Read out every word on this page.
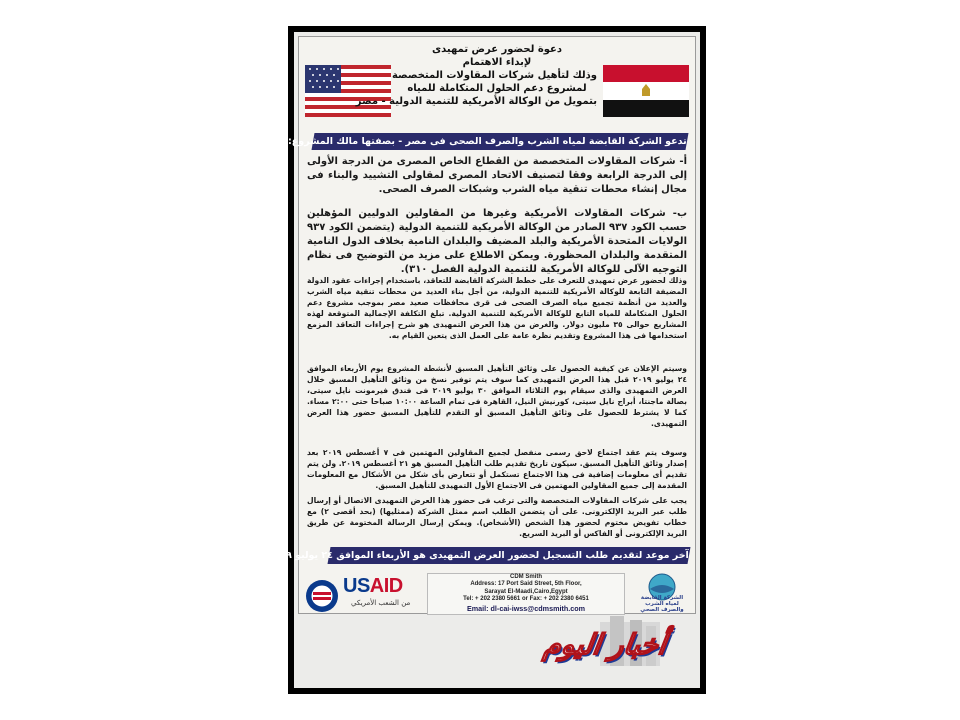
دعوة لحضور عرض تمهيدى
لإبداء الاهتمام
وذلك لتأهيل شركات المقاولات المتخصصة
لمشروع دعم الحلول المتكاملة للمياه
بتمويل من الوكالة الأمريكية للتنمية الدولية - مصر
تدعو الشركة القابضة لمياه الشرب والصرف الصحى فى مصر - بصفتها مالك المشروع:

أ- شركات المقاولات المتخصصة من القطاع الخاص المصرى من الدرجة الأولى إلى الدرجة الرابعة وفقا لتصنيف الاتحاد المصرى لمقاولى التشييد والبناء فى مجال إنشاء محطات تنقية مياه الشرب وشبكات الصرف الصحى.

ب- شركات المقاولات الأمريكية وغيرها من المقاولين الدوليين المؤهلين حسب الكود ٩٣٧ الصادر من الوكالة الأمريكية للتنمية الدولية (يتضمن الكود ٩٣٧ الولايات المتحدة الأمريكية والبلد المضيف والبلدان النامية بخلاف الدول النامية المتقدمة والبلدان المحظورة. ويمكن الاطلاع على مزيد من التوضيح فى نظام التوجيه الآلى للوكالة الأمريكية للتنمية الدولية الفصل ٣١٠).

وذلك لحضور عرض تمهيدى للتعرف على خطط الشركة القابضة للتعاقد، باستخدام إجراءات عقود الدولة المضيفة التابعة للوكالة الأمريكية للتنمية الدولية، من أجل بناء العديد من محطات تنقية مياه الشرب والعديد من أنظمة تجميع مياه الصرف الصحى فى قرى محافظات صعيد مصر بموجب مشروع دعم الحلول المتكاملة للمياه التابع للوكالة الأمريكية للتنمية الدولية. تبلغ التكلفة الإجمالية المتوقعة لهذه المشاريع حوالى ٣٥ مليون دولار. والغرض من هذا العرض التمهيدى هو شرح إجراءات التعاقد المزمع استخدامها فى هذا المشروع وتقديم نظرة عامة على العمل الذى يتعين القيام به.

وسيتم الإعلان عن كيفية الحصول على وثائق التأهيل المسبق لأنشطة المشروع يوم الأربعاء الموافق ٢٤ يوليو ٢٠١٩ قبل هذا العرض التمهيدى كما سوف يتم توفير نسخ من وثائق التأهيل المسبق خلال العرض التمهيدى والذى سيقام يوم الثلاثاء الموافق ٣٠ يوليو ٢٠١٩ فى فندق فيرمونت نايل سيتى، بصالة ماجنتا، أبراج نايل سيتى، كورنيش النيل، القاهرة فى تمام الساعة ١٠:٠٠ صباحا حتى ٢:٠٠ مساء. كما لا يشترط للحصول على وثائق التأهيل المسبق أو التقدم للتأهيل المسبق حضور هذا العرض التمهيدى.

وسوف يتم عقد اجتماع لاحق رسمى منفصل لجميع المقاولين المهتمين فى ٧ أغسطس ٢٠١٩ بعد إصدار وثائق التأهيل المسبق. سيكون تاريخ تقديم طلب التأهيل المسبق هو ٢١ أغسطس ٢٠١٩. ولن يتم تقديم أى معلومات إضافية فى هذا الاجتماع تستكمل أو تتعارض بأى شكل من الأشكال مع المعلومات المقدمة إلى جميع المقاولين المهتمين فى الاجتماع الأول التمهيدى للتأهيل المسبق.

يجب على شركات المقاولات المتخصصة والتى ترغب فى حضور هذا العرض التمهيدى الاتصال أو إرسال طلب عبر البريد الإلكترونى. على أن يتضمن الطلب اسم ممثل الشركة (ممثليها) (بحد أقصى ٢) مع خطاب تفويض مختوم لحضور هذا الشخص (الأشخاص). ويمكن إرسال الرسالة المختومة عن طريق البريد الإلكترونى أو الفاكس أو البريد السريع.

آخر موعد لتقديم طلب التسجيل لحضور العرض التمهيدى هو الأربعاء الموافق ٢٤ يوليو ٢٠١٩.
USAID
من الشعب الأمريكي
CDM Smith
Address: 17 Port Said Street, 5th Floor,
Sarayat El-Maadi,Cairo,Egypt
Tel: + 202 2380 5661 or Fax: + 202 2380 6451
Email: dl-cai-iwss@cdmsmith.com
الشركة القابضة لمياه الشرب والصرف الصحي
أخبار اليوم
